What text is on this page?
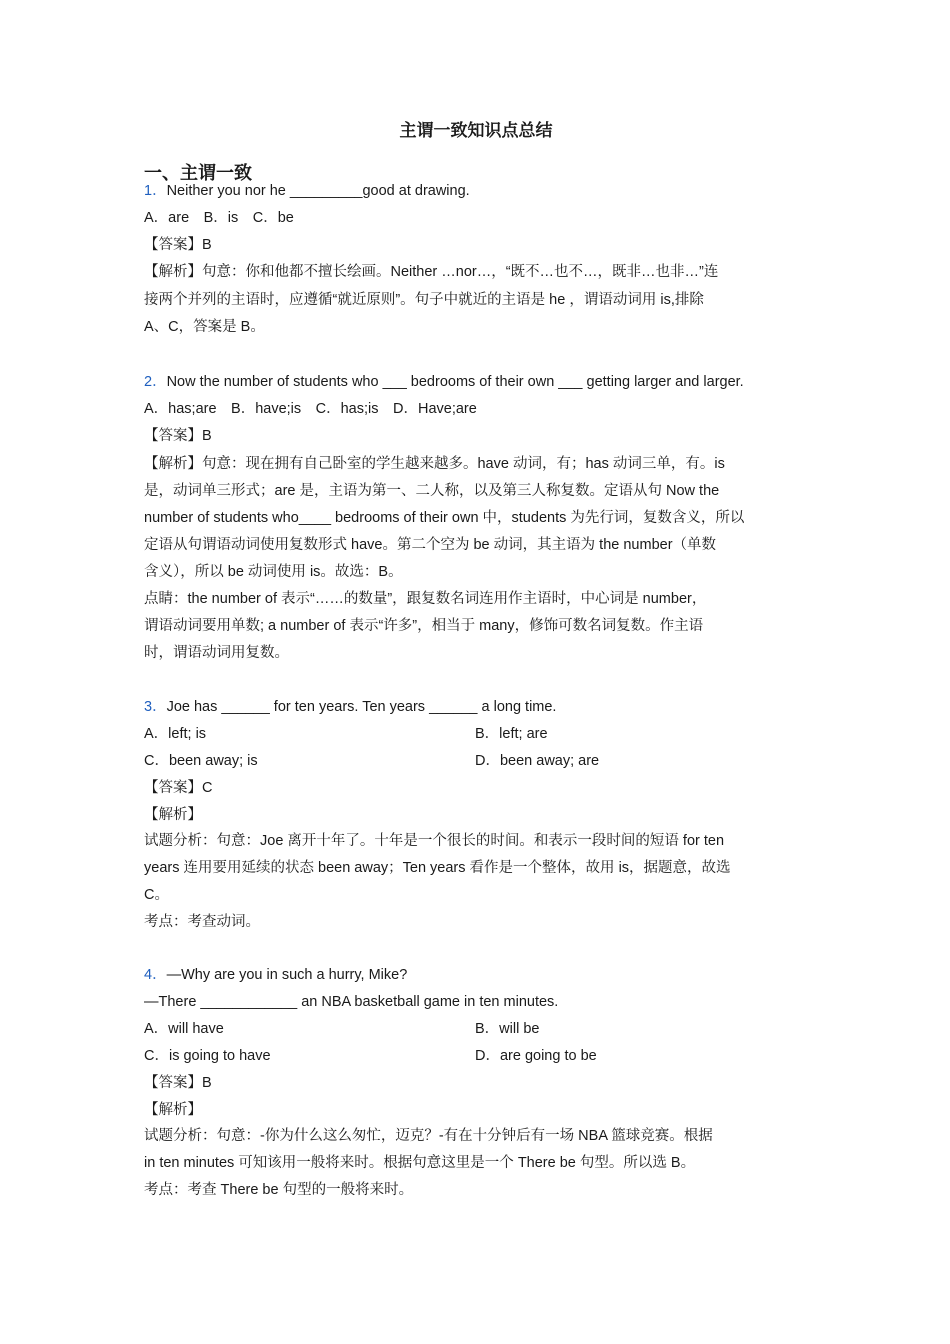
主谓一致知识点总结
一、主谓一致
1．Neither you nor he _________good at drawing.
A．are　B．is　C．be
【答案】B
【解析】句意：你和他都不擅长绘画。Neither …nor…，“既不…也不…，既非…也非…”连
接两个并列的主语时，应遵循“就近原则”。句子中就近的主语是 he ，谓语动词用 is,排除
A、C，答案是 B。
2．Now the number of students who ___ bedrooms of their own ___ getting larger and larger.
A．has;are　B．have;is　C．has;is　D．Have;are
【答案】B
【解析】句意：现在拥有自己卧室的学生越来越多。have 动词，有；has 动词三单，有。is
是，动词单三形式；are 是，主语为第一、二人称，以及第三人称复数。定语从句 Now the
number of students who____ bedrooms of their own 中，students 为先行词，复数含义，所以
定语从句谓语动词使用复数形式 have。第二个空为 be 动词，其主语为 the number（单数
含义），所以 be 动词使用 is。故选：B。
点睛：the number of 表示“……的数量”，跟复数名词连用作主语时，中心词是 number，
谓语动词要用单数; a number of 表示“许多”，相当于 many，修饰可数名词复数。作主语
时，谓语动词用复数。
3．Joe has ______ for ten years. Ten years ______ a long time.
A．left; is	B．left; are
C．been away; is	D．been away; are
【答案】C
【解析】
试题分析：句意：Joe 离开十年了。十年是一个很长的时间。和表示一段时间的短语 for ten
years 连用要用延续的状态 been away；Ten years 看作是一个整体，故用 is，据题意，故选
C。
考点：考查动词。
4．—Why are you in such a hurry, Mike?
—There ____________ an NBA basketball game in ten minutes.
A．will have	B．will be
C．is going to have	D．are going to be
【答案】B
【解析】
试题分析：句意：-你为什么这么匆忙，迈克？-有在十分钟后有一场 NBA 篮球竞赛。根据
in ten minutes 可知该用一般将来时。根据句意这里是一个 There be 句型。所以选 B。
考点：考查 There be 句型的一般将来时。
